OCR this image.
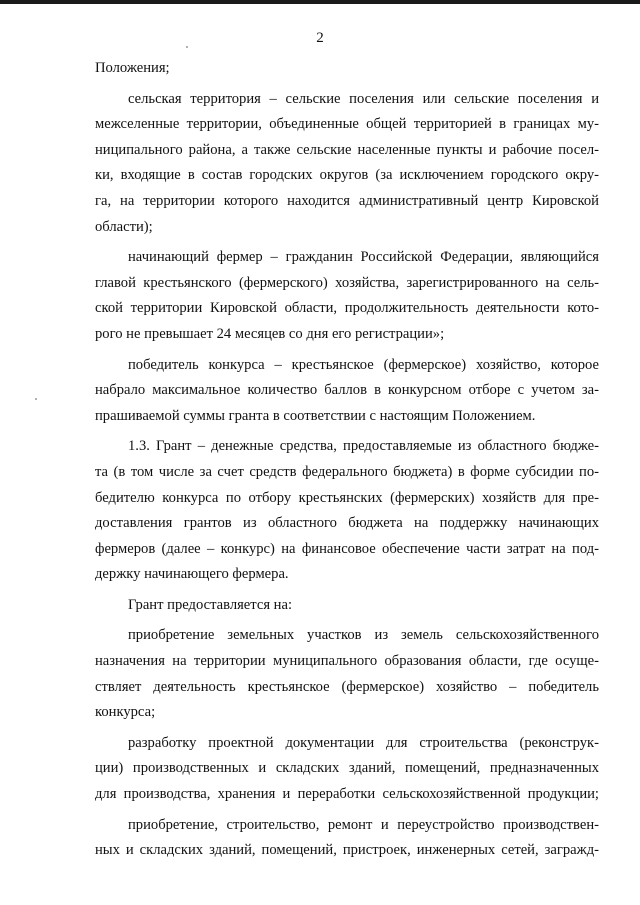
2
Положения;
сельская территория – сельские поселения или сельские поселения и
межселенные территории, объединенные общей территорией в границах му-
ниципального района, а также сельские населенные пункты и рабочие посел-
ки, входящие в состав городских округов (за исключением городского окру-
га, на территории которого находится административный центр Кировской
области);
начинающий фермер – гражданин Российской Федерации, являющийся
главой крестьянского (фермерского) хозяйства, зарегистрированного на сель-
ской территории Кировской области, продолжительность деятельности кото-
рого не превышает 24 месяцев со дня его регистрации»;
победитель конкурса – крестьянское (фермерское) хозяйство, которое
набрало максимальное количество баллов в конкурсном отборе с учетом за-
прашиваемой суммы гранта в соответствии с настоящим Положением.
1.3. Грант – денежные средства, предоставляемые из областного бюдже-
та (в том числе за счет средств федерального бюджета) в форме субсидии по-
бедителю конкурса по отбору крестьянских (фермерских) хозяйств для пре-
доставления грантов из областного бюджета на поддержку начинающих
фермеров (далее – конкурс) на финансовое обеспечение части затрат на под-
держку начинающего фермера.
Грант предоставляется на:
приобретение земельных участков из земель сельскохозяйственного
назначения на территории муниципального образования области, где осуще-
ствляет деятельность крестьянское (фермерское) хозяйство – победитель
конкурса;
разработку проектной документации для строительства (реконструк-
ции) производственных и складских зданий, помещений, предназначенных
для производства, хранения и переработки сельскохозяйственной продукции;
приобретение, строительство, ремонт и переустройство производствен-
ных и складских зданий, помещений, пристроек, инженерных сетей, загражд-
